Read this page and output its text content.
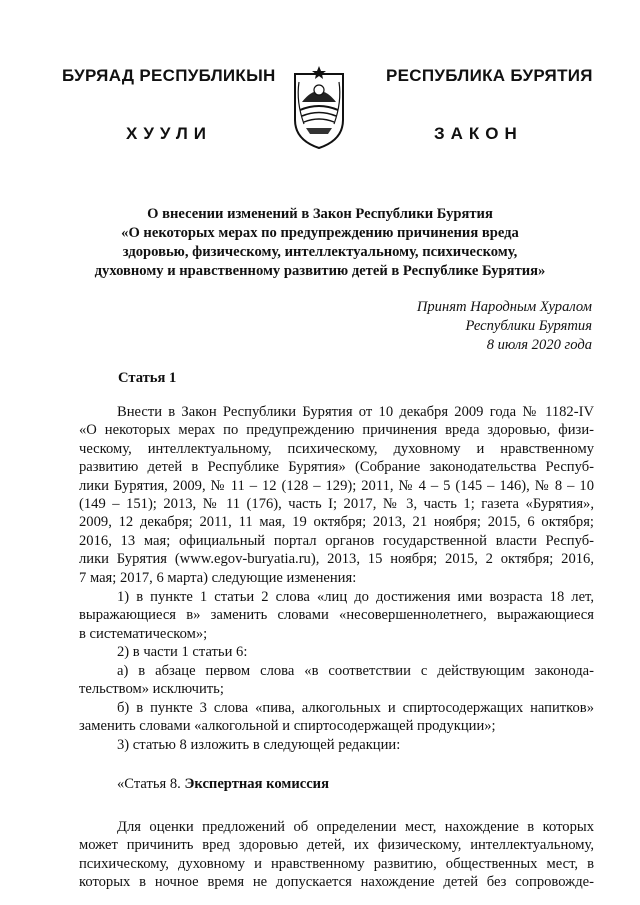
БУРЯАД РЕСПУБЛИКЫН
ХУУЛИ
РЕСПУБЛИКА БУРЯТИЯ
ЗАКОН
О внесении изменений в Закон Республики Бурятия
«О некоторых мерах по предупреждению причинения вреда
здоровью, физическому, интеллектуальному, психическому,
духовному и нравственному развитию детей в Республике Бурятия»
Принят Народным Хуралом
Республики Бурятия
8 июля 2020 года
Статья 1
Внести в Закон Республики Бурятия от 10 декабря 2009 года № 1182-IV
«О некоторых мерах по предупреждению причинения вреда здоровью, физи-
ческому, интеллектуальному, психическому, духовному и нравственному
развитию детей в Республике Бурятия» (Собрание законодательства Респуб-
лики Бурятия, 2009, № 11 – 12 (128 – 129); 2011, № 4 – 5 (145 – 146), № 8 – 10
(149 – 151); 2013, № 11 (176), часть I; 2017, № 3, часть 1; газета «Бурятия»,
2009, 12 декабря; 2011, 11 мая, 19 октября; 2013, 21 ноября; 2015, 6 октября;
2016, 13 мая; официальный портал органов государственной власти Респуб-
лики Бурятия (www.egov-buryatia.ru), 2013, 15 ноября; 2015, 2 октября; 2016,
7 мая; 2017, 6 марта) следующие изменения:
1) в пункте 1 статьи 2 слова «лиц до достижения ими возраста 18 лет,
выражающиеся в» заменить словами «несовершеннолетнего, выражающиеся
в систематическом»;
2) в части 1 статьи 6:
а) в абзаце первом слова «в соответствии с действующим законода-
тельством» исключить;
б) в пункте 3 слова «пива, алкогольных и спиртосодержащих напитков»
заменить словами «алкогольной и спиртосодержащей продукции»;
3) статью 8 изложить в следующей редакции:
«Статья 8. Экспертная комиссия
Для оценки предложений об определении мест, нахождение в которых
может причинить вред здоровью детей, их физическому, интеллектуальному,
психическому, духовному и нравственному развитию, общественных мест, в
которых в ночное время не допускается нахождение детей без сопровожде-
